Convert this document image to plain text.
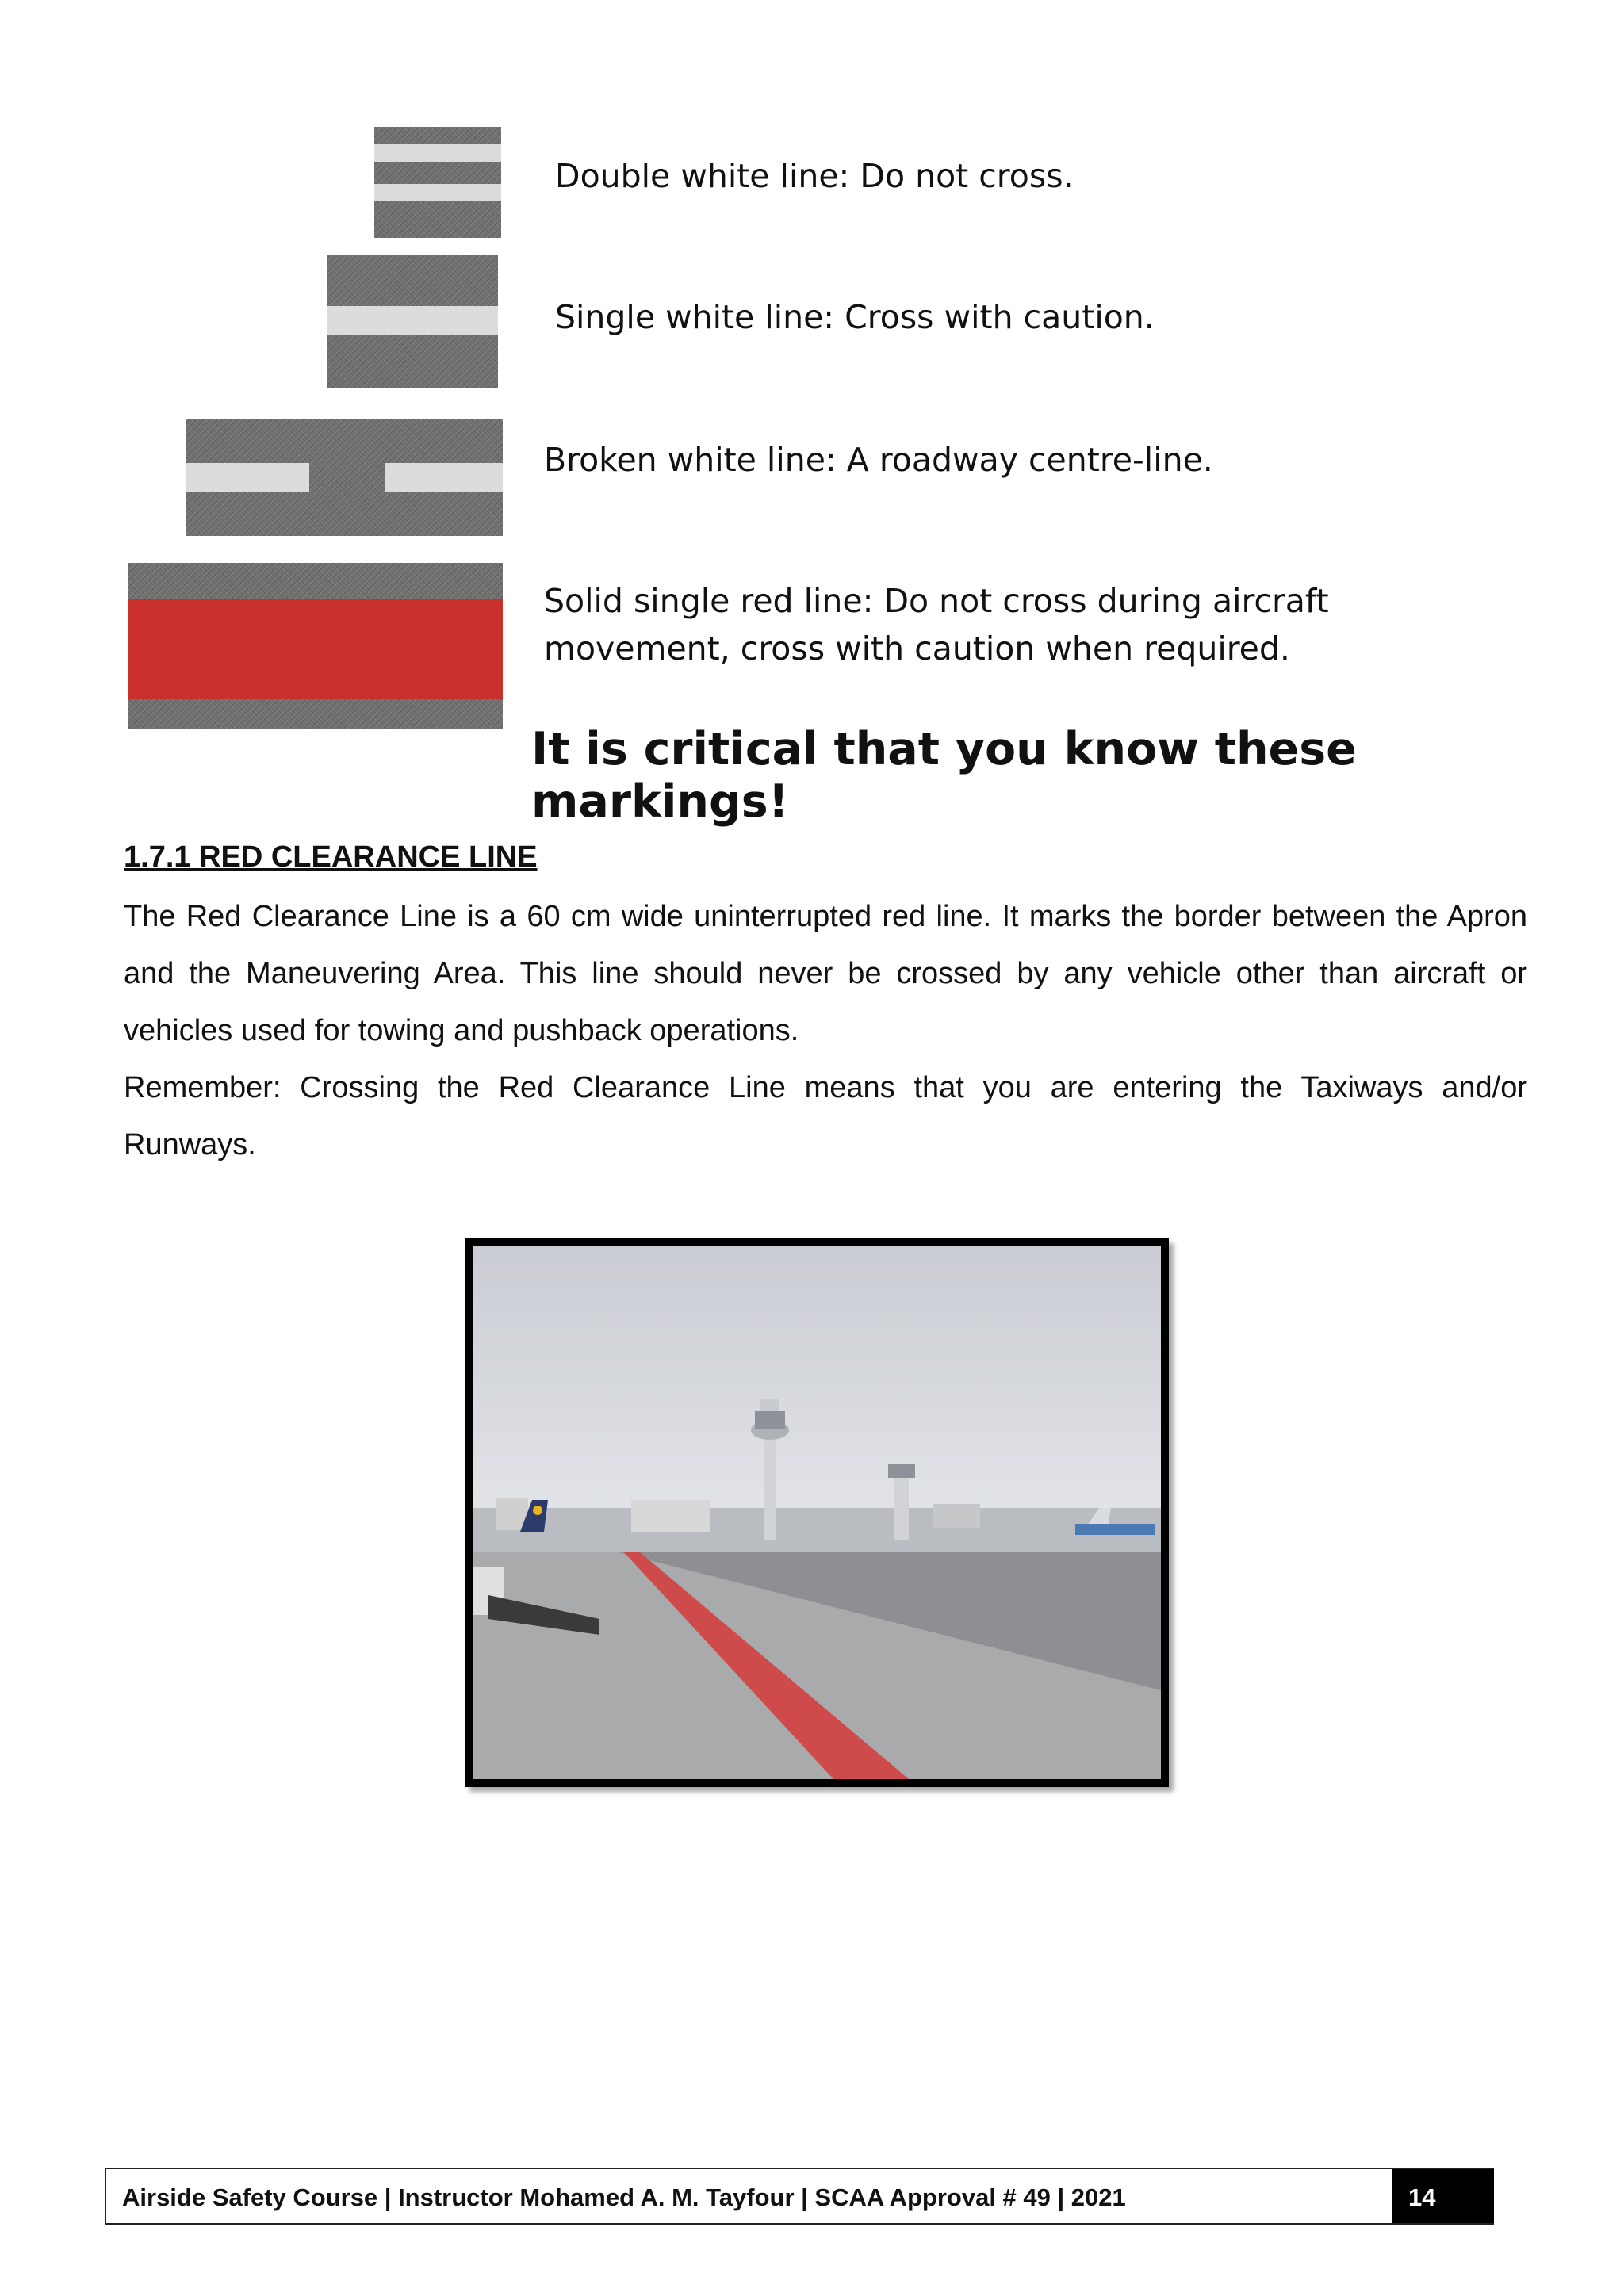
Double white line: Do not cross.
Single white line: Cross with caution.
Broken white line: A roadway centre-line.
Solid single red line: Do not cross during aircraft
movement, cross with caution when required.
It is critical that you know these markings!
1.7.1 RED CLEARANCE LINE
The Red Clearance Line is a 60 cm wide uninterrupted red line. It marks the border between the Apron and the Maneuvering Area. This line should never be crossed by any vehicle other than aircraft or vehicles used for towing and pushback operations.
Remember: Crossing the Red Clearance Line means that you are entering the Taxiways and/or Runways.
Airside Safety Course | Instructor Mohamed A. M. Tayfour | SCAA Approval # 49 | 2021	14
